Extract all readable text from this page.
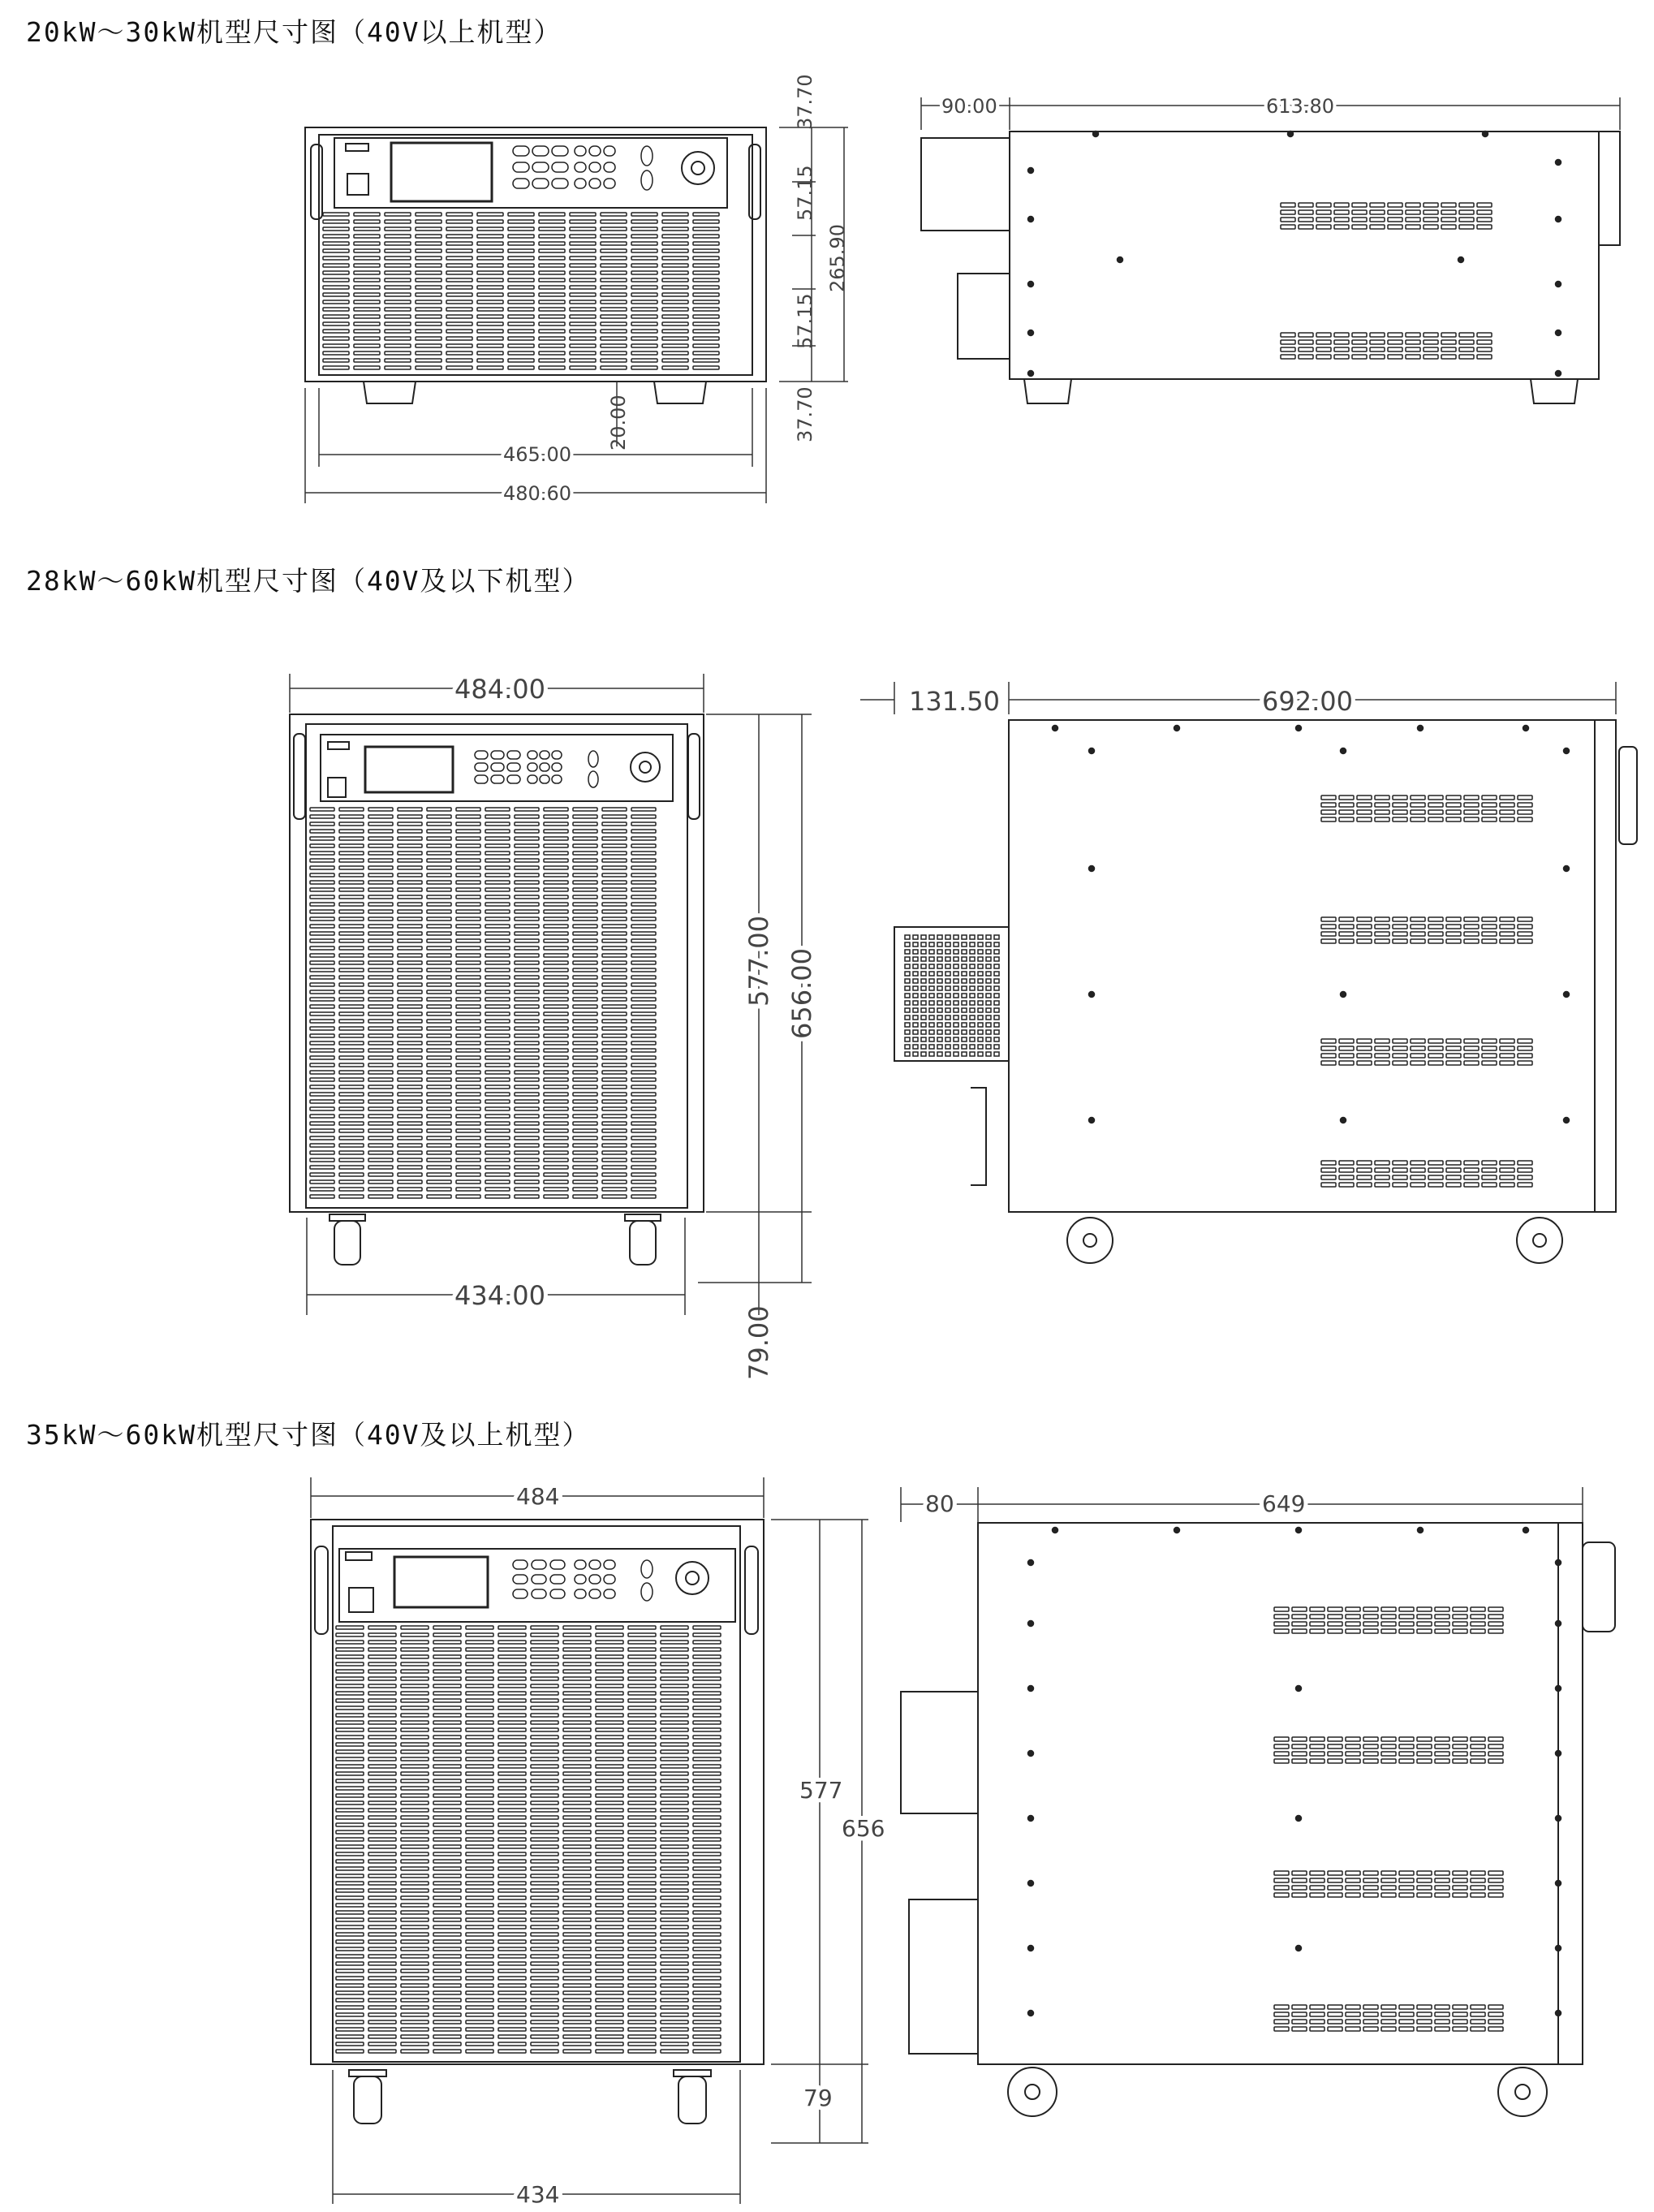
20kW～30kW机型尺寸图（40V以上机型）
28kW～60kW机型尺寸图（40V及以下机型）
35kW～60kW机型尺寸图（40V及以上机型）
37.70
57.15
265.90
57.15
37.70
20.00
465.00
480.60
90.00	613.80
484.00
434.00
577.00 656.00
79.00
131.50	692.00
484
434
577
656
79
80	649
